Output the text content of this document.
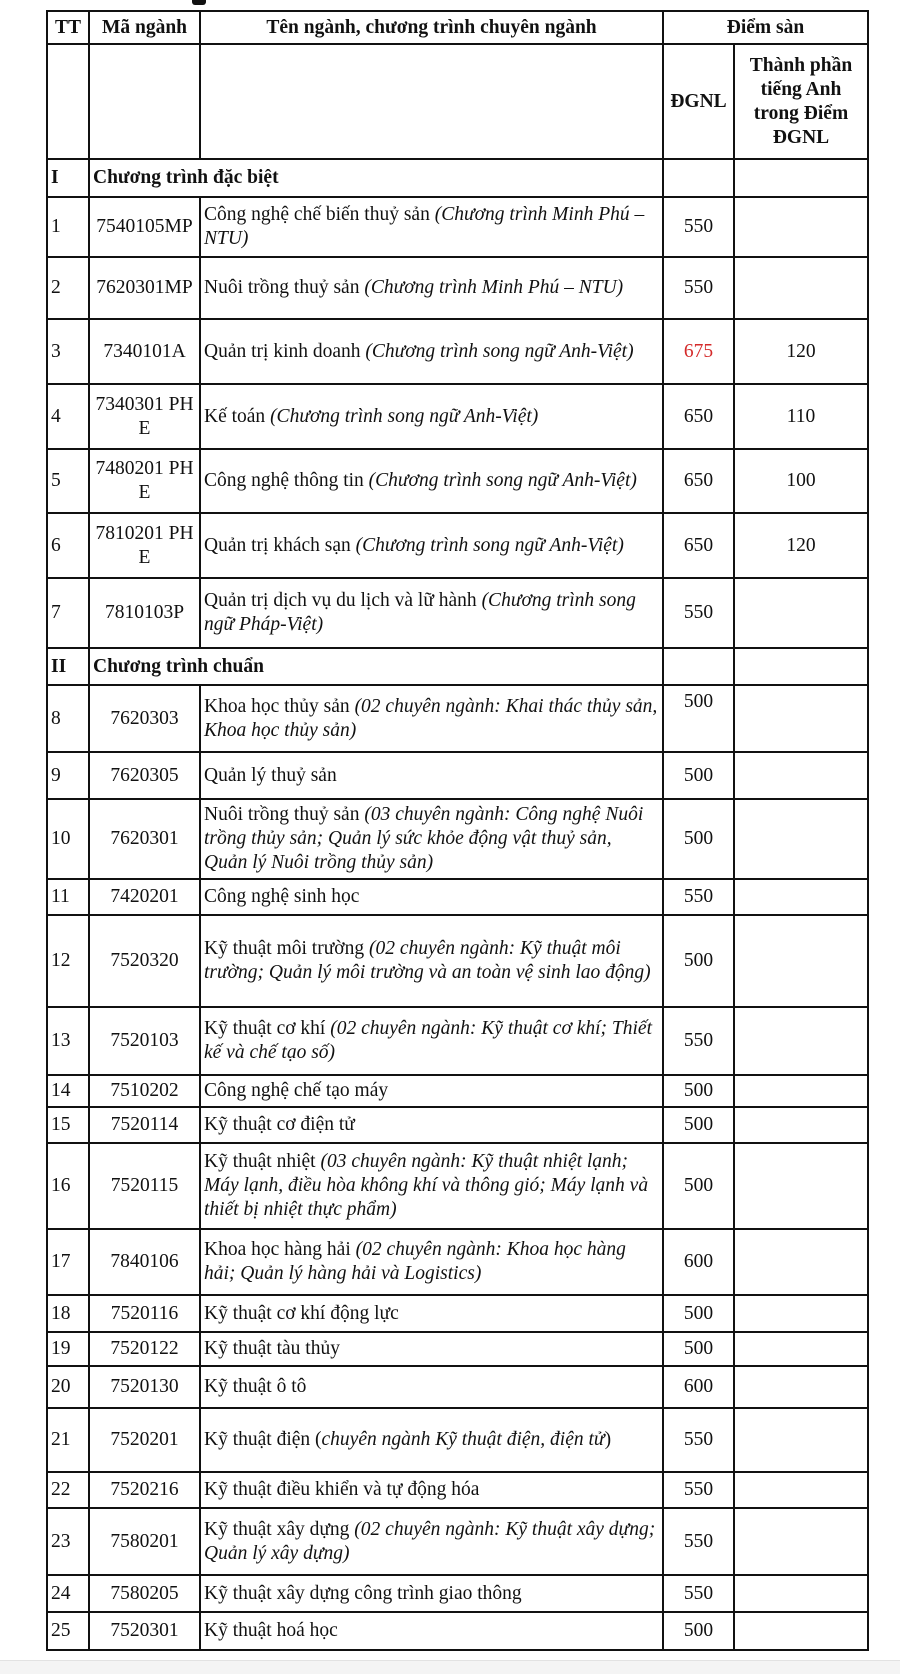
TT	Mã ngành	Tên ngành, chương trình chuyên ngành	Điểm sàn	
			ĐGNL	Thành phần tiếng Anh trong Điểm ĐGNL
I	Chương trình đặc biệt			
1	7540105MP	Công nghệ chế biến thuỷ sản (Chương trình Minh Phú – NTU)	550	
2	7620301MP	Nuôi trồng thuỷ sản (Chương trình Minh Phú – NTU)	550	
3	7340101A	Quản trị kinh doanh (Chương trình song ngữ Anh-Việt)	675	120
4	7340301 PHE	Kế toán (Chương trình song ngữ Anh-Việt)	650	110
5	7480201 PHE	Công nghệ thông tin (Chương trình song ngữ Anh-Việt)	650	100
6	7810201 PHE	Quản trị khách sạn (Chương trình song ngữ Anh-Việt)	650	120
7	7810103P	Quản trị dịch vụ du lịch và lữ hành (Chương trình song ngữ Pháp-Việt)	550	
II	Chương trình chuẩn			
8	7620303	Khoa học thủy sản (02 chuyên ngành: Khai thác thủy sản, Khoa học thủy sản)	500	
9	7620305	Quản lý thuỷ sản	500	
10	7620301	Nuôi trồng thuỷ sản (03 chuyên ngành: Công nghệ Nuôi trồng thủy sản; Quản lý sức khỏe động vật thuỷ sản, Quản lý Nuôi trồng thủy sản)	500	
11	7420201	Công nghệ sinh học	550	
12	7520320	Kỹ thuật môi trường (02 chuyên ngành: Kỹ thuật môi trường; Quản lý môi trường và an toàn vệ sinh lao động)	500	
13	7520103	Kỹ thuật cơ khí (02 chuyên ngành: Kỹ thuật cơ khí; Thiết kế và chế tạo số)	550	
14	7510202	Công nghệ chế tạo máy	500	
15	7520114	Kỹ thuật cơ điện tử	500	
16	7520115	Kỹ thuật nhiệt (03 chuyên ngành: Kỹ thuật nhiệt lạnh; Máy lạnh, điều hòa không khí và thông gió; Máy lạnh và thiết bị nhiệt thực phẩm)	500	
17	7840106	Khoa học hàng hải (02 chuyên ngành: Khoa học hàng hải; Quản lý hàng hải và Logistics)	600	
18	7520116	Kỹ thuật cơ khí động lực	500	
19	7520122	Kỹ thuật tàu thủy	500	
20	7520130	Kỹ thuật ô tô	600	
21	7520201	Kỹ thuật điện (chuyên ngành Kỹ thuật điện, điện tử)	550	
22	7520216	Kỹ thuật điều khiển và tự động hóa	550	
23	7580201	Kỹ thuật xây dựng (02 chuyên ngành: Kỹ thuật xây dựng; Quản lý xây dựng)	550	
24	7580205	Kỹ thuật xây dựng công trình giao thông	550	
25	7520301	Kỹ thuật hoá học	500	
